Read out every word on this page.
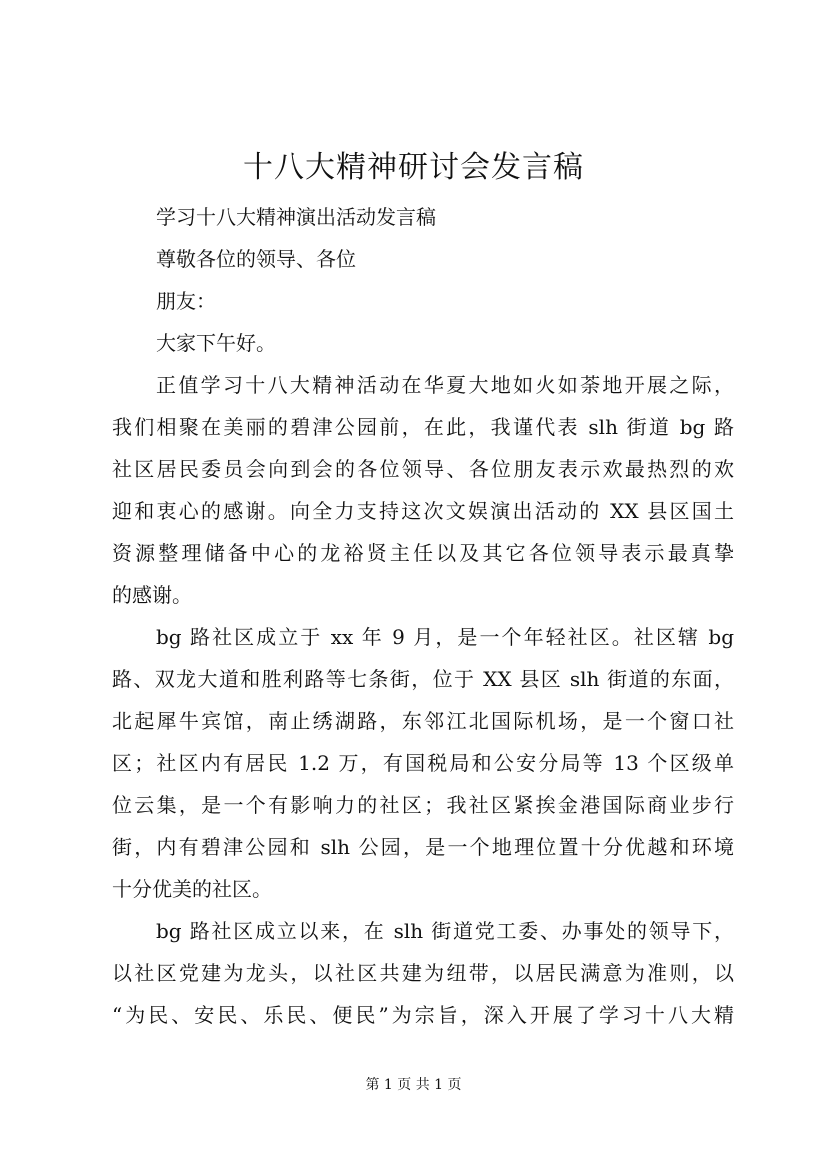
十八大精神研讨会发言稿
学习十八大精神演出活动发言稿
尊敬各位的领导、各位
朋友：
大家下午好。
正值学习十八大精神活动在华夏大地如火如荼地开展之际，
我们相聚在美丽的碧津公园前，在此，我谨代表 slh 街道 bg 路
社区居民委员会向到会的各位领导、各位朋友表示欢最热烈的欢
迎和衷心的感谢。向全力支持这次文娱演出活动的 XX 县区国土
资源整理储备中心的龙裕贤主任以及其它各位领导表示最真挚
的感谢。
bg 路社区成立于 xx 年 9 月，是一个年轻社区。社区辖 bg
路、双龙大道和胜利路等七条街，位于 XX 县区 slh 街道的东面，
北起犀牛宾馆，南止绣湖路，东邻江北国际机场，是一个窗口社
区；社区内有居民 1.2 万，有国税局和公安分局等 13 个区级单
位云集，是一个有影响力的社区；我社区紧挨金港国际商业步行
街，内有碧津公园和 slh 公园，是一个地理位置十分优越和环境
十分优美的社区。
bg 路社区成立以来，在 slh 街道党工委、办事处的领导下，
以社区党建为龙头，以社区共建为纽带，以居民满意为准则，以
“为民、安民、乐民、便民”为宗旨，深入开展了学习十八大精
第 1 页 共 1 页
